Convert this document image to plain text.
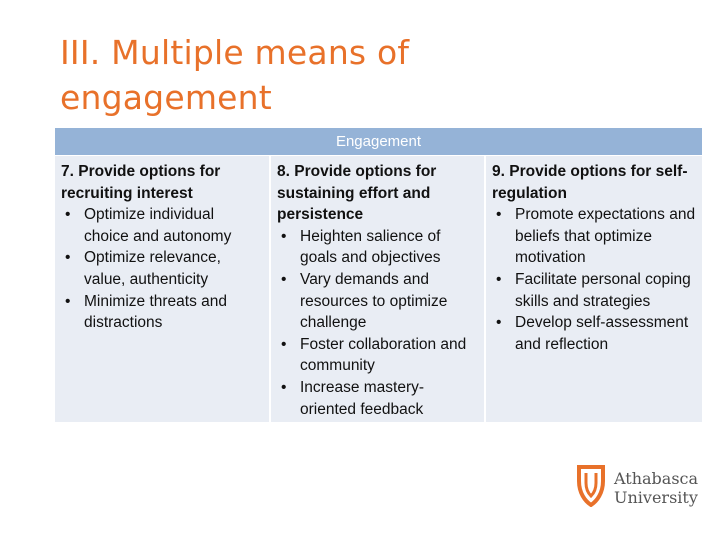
III. Multiple means of engagement
Engagement
7. Provide options for recruiting interest
• Optimize individual choice and autonomy
• Optimize relevance, value, authenticity
• Minimize threats and distractions
8. Provide options for sustaining effort and persistence
• Heighten salience of goals and objectives
• Vary demands and resources to optimize challenge
• Foster collaboration and community
• Increase mastery-oriented feedback
9. Provide options for self-regulation
• Promote expectations and beliefs that optimize motivation
• Facilitate personal coping skills and strategies
• Develop self-assessment and reflection
Athabasca
University
